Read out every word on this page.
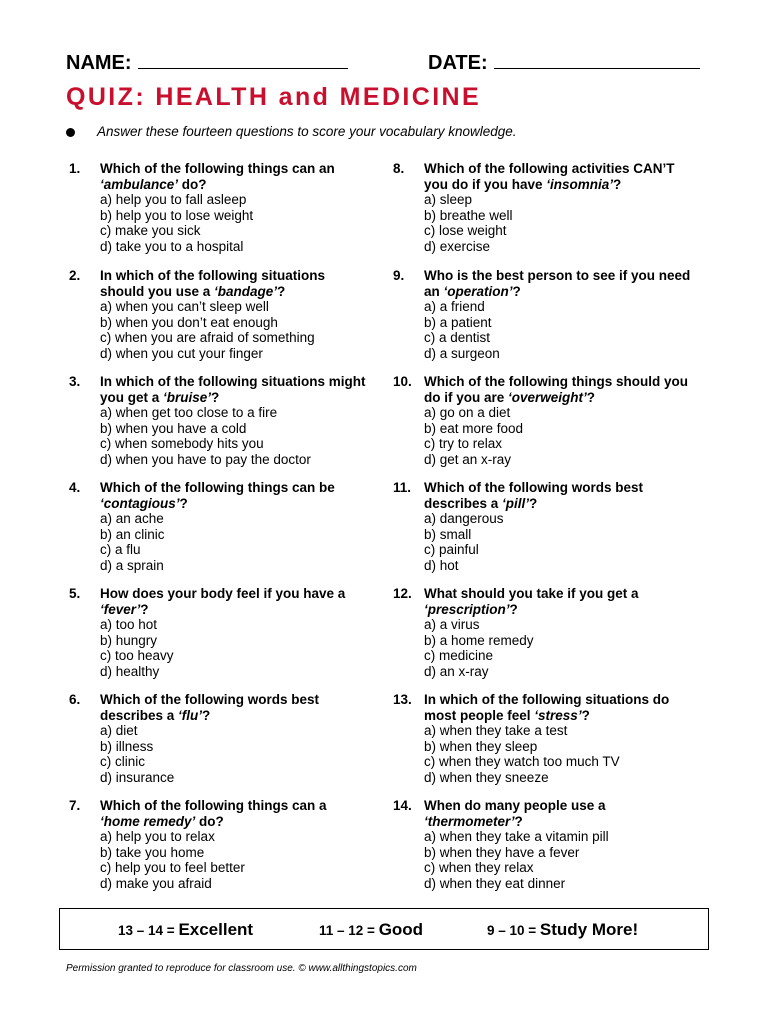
NAME:	DATE:
QUIZ: HEALTH and MEDICINE
Answer these fourteen questions to score your vocabulary knowledge.
1. Which of the following things can an
‘ambulance’ do?
a) help you to fall asleep
b) help you to lose weight
c) make you sick
d) take you to a hospital
2. In which of the following situations should you use a ‘bandage’?
a) when you can’t sleep well
b) when you don’t eat enough
c) when you are afraid of something
d) when you cut your finger
3. In which of the following situations might you get a ‘bruise’?
a) when get too close to a fire
b) when you have a cold
c) when somebody hits you
d) when you have to pay the doctor
4. Which of the following things can be ‘contagious’?
a) an ache
b) an clinic
c) a flu
d) a sprain
5. How does your body feel if you have a ‘fever’?
a) too hot
b) hungry
c) too heavy
d) healthy
6. Which of the following words best describes a ‘flu’?
a) diet
b) illness
c) clinic
d) insurance
7. Which of the following things can a
‘home remedy’ do?
a) help you to relax
b) take you home
c) help you to feel better
d) make you afraid
8. Which of the following activities CAN’T you do if you have ‘insomnia’?
a) sleep
b) breathe well
c) lose weight
d) exercise
9. Who is the best person to see if you need an ‘operation’?
a) a friend
b) a patient
c) a dentist
d) a surgeon
10. Which of the following things should you do if you are ‘overweight’?
a) go on a diet
b) eat more food
c) try to relax
d) get an x-ray
11. Which of the following words best describes a ‘pill’?
a) dangerous
b) small
c) painful
d) hot
12. What should you take if you get a
‘prescription’?
a) a virus
b) a home remedy
c) medicine
d) an x-ray
13. In which of the following situations do most people feel ‘stress’?
a) when they take a test
b) when they sleep
c) when they watch too much TV
d) when they sneeze
14. When do many people use a
‘thermometer’?
a) when they take a vitamin pill
b) when they have a fever
c) when they relax
d) when they eat dinner
13 – 14 = Excellent	11 – 12 = Good	9 – 10 = Study More!
Permission granted to reproduce for classroom use. © www.allthingstopics.com
